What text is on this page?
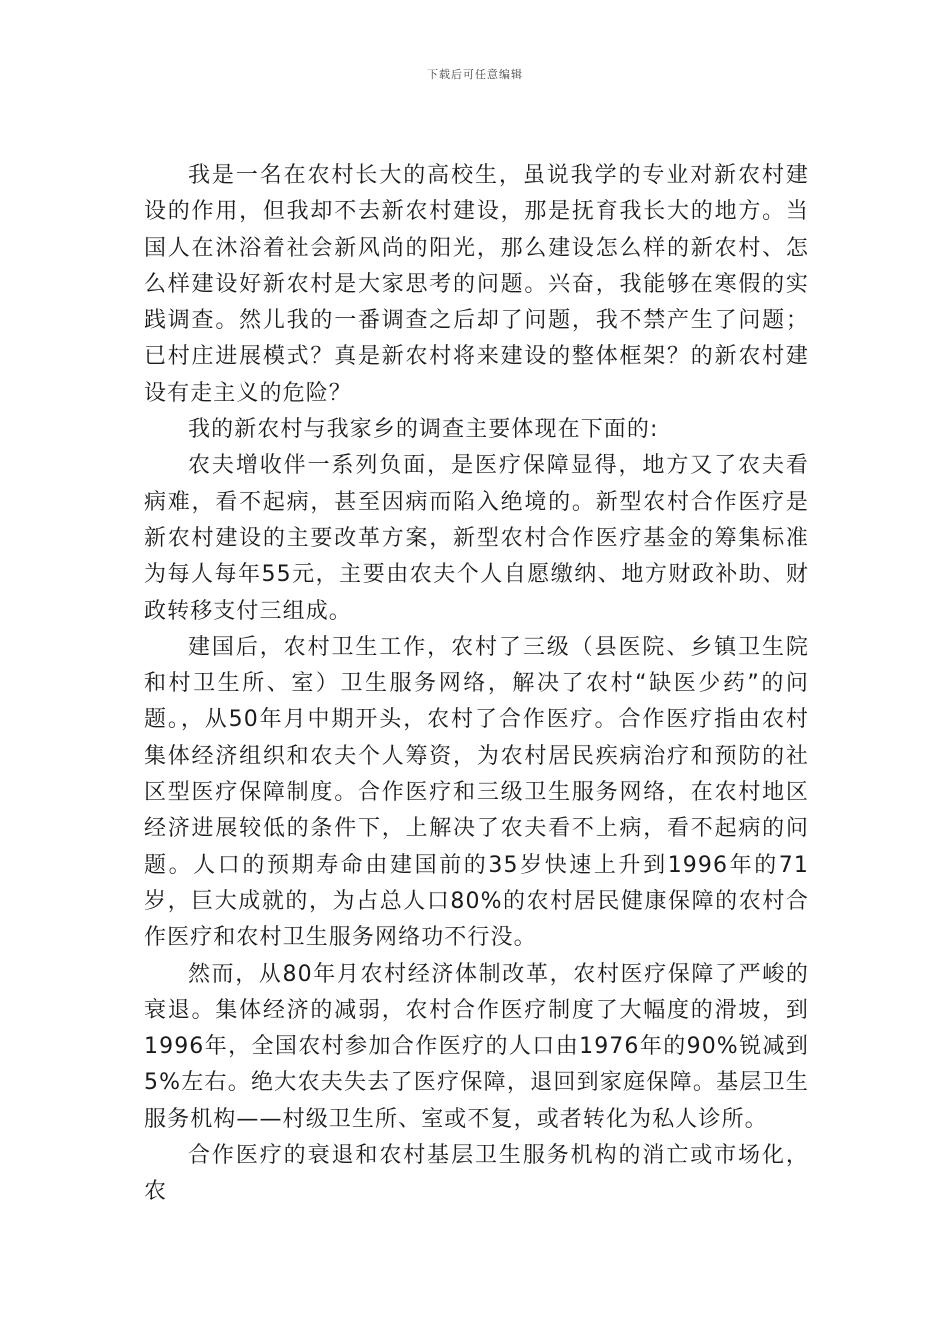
下载后可任意编辑

我是一名在农村长大的高校生，虽说我学的专业对新农村建设的作用，但我却不去新农村建设，那是抚育我长大的地方。当国人在沐浴着社会新风尚的阳光，那么建设怎么样的新农村、怎么样建设好新农村是大家思考的问题。兴奋，我能够在寒假的实践调查。然儿我的一番调查之后却了问题，我不禁产生了问题；已村庄进展模式？真是新农村将来建设的整体框架？的新农村建设有走主义的危险？

我的新农村与我家乡的调查主要体现在下面的:

农夫增收伴一系列负面，是医疗保障显得，地方又了农夫看病难，看不起病，甚至因病而陷入绝境的。新型农村合作医疗是新农村建设的主要改革方案，新型农村合作医疗基金的筹集标准为每人每年55元，主要由农夫个人自愿缴纳、地方财政补助、财政转移支付三组成。

建国后，农村卫生工作，农村了三级（县医院、乡镇卫生院和村卫生所、室）卫生服务网络，解决了农村“缺医少药”的问题。，从50年月中期开头，农村了合作医疗。合作医疗指由农村集体经济组织和农夫个人筹资，为农村居民疾病治疗和预防的社区型医疗保障制度。合作医疗和三级卫生服务网络，在农村地区经济进展较低的条件下，上解决了农夫看不上病，看不起病的问题。人口的预期寿命由建国前的35岁快速上升到1996年的71岁，巨大成就的，为占总人口80%的农村居民健康保障的农村合作医疗和农村卫生服务网络功不行没。

然而，从80年月农村经济体制改革，农村医疗保障了严峻的衰退。集体经济的减弱，农村合作医疗制度了大幅度的滑坡，到1996年，全国农村参加合作医疗的人口由1976年的90%锐减到5%左右。绝大农夫失去了医疗保障，退回到家庭保障。基层卫生服务机构——村级卫生所、室或不复，或者转化为私人诊所。

合作医疗的衰退和农村基层卫生服务机构的消亡或市场化，农
